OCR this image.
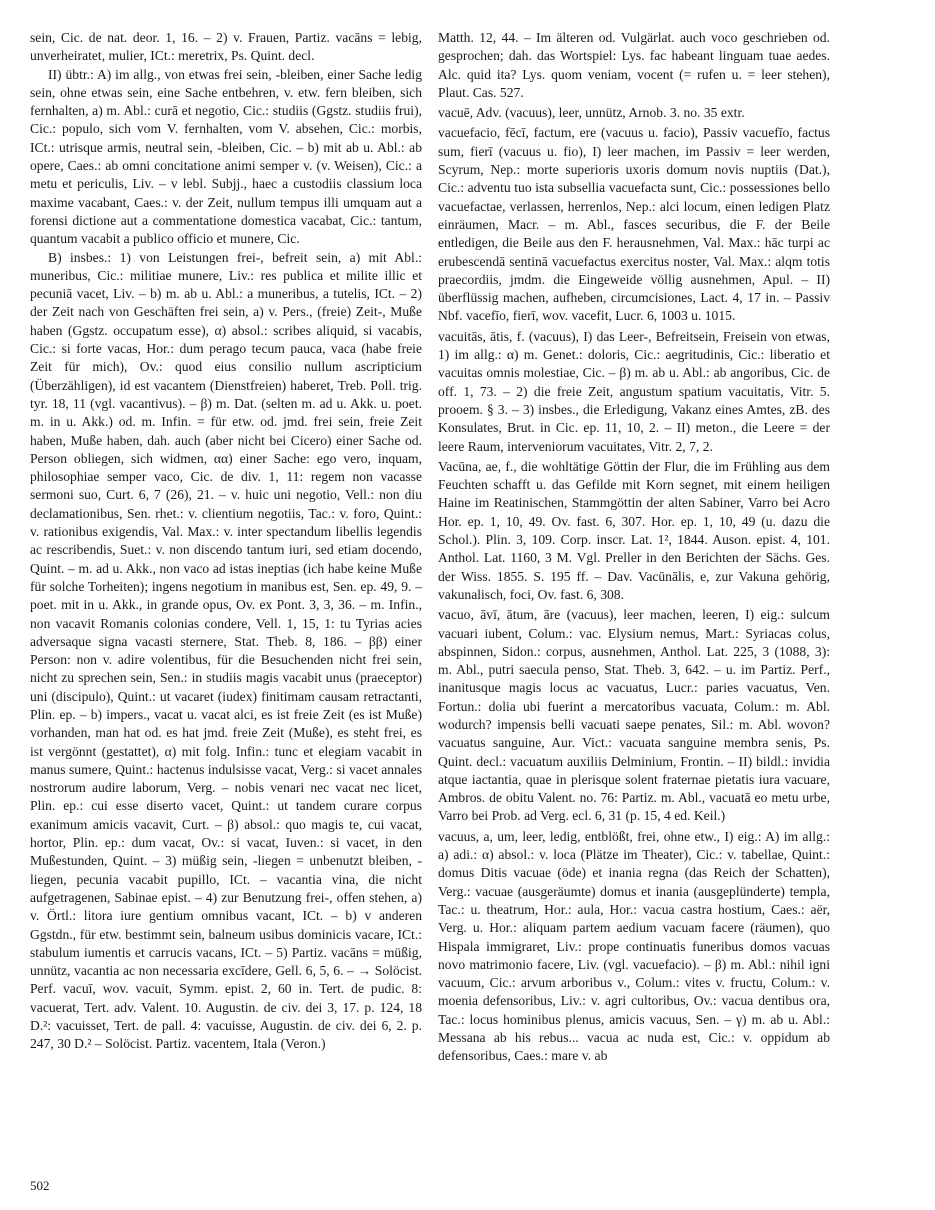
sein, Cic. de nat. deor. 1, 16. – 2) v. Frauen, Partiz. vacāns = lebig, unverheiratet, mulier, ICt.: meretrix, Ps. Quint. decl.

II) übtr.: A) im allg., von etwas frei sein, -bleiben, einer Sache ledig sein, ohne etwas sein, eine Sache entbehren, v. etw. fern bleiben, sich fernhalten, a) m. Abl.: curā et negotio, Cic.: studiis (Ggstz. studiis frui), Cic.: populo, sich vom V. fernhalten, vom V. absehen, Cic.: morbis, ICt.: utrisque armis, neutral sein, -bleiben, Cic. – b) mit ab u. Abl.: ab opere, Caes.: ab omni concitatione animi semper v. (v. Weisen), Cic.: a metu et periculis, Liv. – v lebl. Subjj., haec a custodiis classium loca maxime vacabant, Caes.: v. der Zeit, nullum tempus illi umquam aut a forensi dictione aut a commentatione domestica vacabat, Cic.: tantum, quantum vacabit a publico officio et munere, Cic.

B) insbes.: 1) von Leistungen frei-, befreit sein, a) mit Abl.: muneribus, Cic.: militiae munere, Liv.: res publica et milite illic et pecuniā vacet, Liv. – b) m. ab u. Abl.: a muneribus, a tutelis, ICt. – 2) der Zeit nach von Geschäften frei sein, a) v. Pers., (freie) Zeit-, Muße haben (Ggstz. occupatum esse), α) absol.: scribes aliquid, si vacabis, Cic.: si forte vacas, Hor.: dum perago tecum pauca, vaca (habe freie Zeit für mich), Ov.: quod eius consilio nullum ascripticium (Überzähligen), id est vacantem (Dienstfreien) haberet, Treb. Poll. trig. tyr. 18, 11 (vgl. vacantivus). – β) m. Dat. (selten m. ad u. Akk. u. poet. m. in u. Akk.) od. m. Infin. = für etw. od. jmd. frei sein, freie Zeit haben, Muße haben, dah. auch (aber nicht bei Cicero) einer Sache od. Person obliegen, sich widmen, αα) einer Sache: ego vero, inquam, philosophiae semper vaco, Cic. de div. 1, 11: regem non vacasse sermoni suo, Curt. 6, 7 (26), 21. – v. huic uni negotio, Vell.: non diu declamationibus, Sen. rhet.: v. clientium negotiis, Tac.: v. foro, Quint.: v. rationibus exigendis, Val. Max.: v. inter spectandum libellis legendis ac rescribendis, Suet.: v. non discendo tantum iuri, sed etiam docendo, Quint. – m. ad u. Akk., non vaco ad istas ineptias (ich habe keine Muße für solche Torheiten); ingens negotium in manibus est, Sen. ep. 49, 9. – poet. mit in u. Akk., in grande opus, Ov. ex Pont. 3, 3, 36. – m. Infin., non vacavit Romanis colonias condere, Vell. 1, 15, 1: tu Tyrias acies adversaque signa vacasti sternere, Stat. Theb. 8, 186. – ββ) einer Person: non v. adire volentibus, für die Besuchenden nicht frei sein, nicht zu sprechen sein, Sen.: in studiis magis vacabit unus (praeceptor) uni (discipulo), Quint.: ut vacaret (iudex) finitimam causam retractanti, Plin. ep. – b) impers., vacat u. vacat alci, es ist freie Zeit (es ist Muße) vorhanden, man hat od. es hat jmd. freie Zeit (Muße), es steht frei, es ist vergönnt (gestattet), α) mit folg. Infin.: tunc et elegiam vacabit in manus sumere, Quint.: hactenus indulsisse vacat, Verg.: si vacet annales nostrorum audire laborum, Verg. – nobis venari nec vacat nec licet, Plin. ep.: cui esse diserto vacet, Quint.: ut tandem curare corpus exanimum amicis vacavit, Curt. – β) absol.: quo magis te, cui vacat, hortor, Plin. ep.: dum vacat, Ov.: si vacat, Iuven.: si vacet, in den Mußestunden, Quint. – 3) müßig sein, -liegen = unbenutzt bleiben, -liegen, pecunia vacabit pupillo, ICt. – vacantia vina, die nicht aufgetragenen, Sabinae epist. – 4) zur Benutzung frei-, offen stehen, a) v. Örtl.: litora iure gentium omnibus vacant, ICt. – b) v anderen Ggstdn., für etw. bestimmt sein, balneum usibus dominicis vacare, ICt.: stabulum iumentis et carrucis vacans, ICt. – 5) Partiz. vacāns = müßig, unnütz, vacantia ac non necessaria excīdere, Gell. 6, 5, 6. – → Solöcist. Perf. vacuī, wov. vacuit, Symm. epist. 2, 60 in. Tert. de pudic. 8: vacuerat, Tert. adv. Valent. 10. Augustin. de civ. dei 3, 17. p. 124, 18 D.²: vacuisset, Tert. de pall. 4: vacuisse, Augustin. de civ. dei 6, 2. p. 247, 30 D.² – Solöcist. Partiz. vacentem, Itala (Veron.)

Matth. 12, 44. – Im älteren od. Vulgärlat. auch voco geschrieben od. gesprochen; dah. das Wortspiel: Lys. fac habeant linguam tuae aedes. Alc. quid ita? Lys. quom veniam, vocent (= rufen u. = leer stehen), Plaut. Cas. 527.

vacuē, Adv. (vacuus), leer, unnütz, Arnob. 3. no. 35 extr.

vacuefacio, fēcī, factum, ere (vacuus u. facio), Passiv vacuefīo, factus sum, fierī (vacuus u. fio), I) leer machen, im Passiv = leer werden, Scyrum, Nep.: morte superioris uxoris domum novis nuptiis (Dat.), Cic.: adventu tuo ista subsellia vacuefacta sunt, Cic.: possessiones bello vacuefactae, verlassen, herrenlos, Nep.: alci locum, einen ledigen Platz einräumen, Macr. – m. Abl., fasces securibus, die F. der Beile entledigen, die Beile aus den F. herausnehmen, Val. Max.: hāc turpi ac erubescendā sentinā vacuefactus exercitus noster, Val. Max.: alqm totis praecordiis, jmdm. die Eingeweide völlig ausnehmen, Apul. – II) überflüssig machen, aufheben, circumcisiones, Lact. 4, 17 in. – Passiv Nbf. vacefīo, fierī, wov. vacefit, Lucr. 6, 1003 u. 1015.

vacuitās, ātis, f. (vacuus), I) das Leer-, Befreitsein, Freisein von etwas, 1) im allg.: α) m. Genet.: doloris, Cic.: aegritudinis, Cic.: liberatio et vacuitas omnis molestiae, Cic. – β) m. ab u. Abl.: ab angoribus, Cic. de off. 1, 73. – 2) die freie Zeit, angustum spatium vacuitatis, Vitr. 5. prooem. § 3. – 3) insbes., die Erledigung, Vakanz eines Amtes, zB. des Konsulates, Brut. in Cic. ep. 11, 10, 2. – II) meton., die Leere = der leere Raum, interveniorum vacuitates, Vitr. 2, 7, 2.

Vacūna, ae, f., die wohltätige Göttin der Flur, die im Frühling aus dem Feuchten schafft u. das Gefilde mit Korn segnet, mit einem heiligen Haine im Reatinischen, Stammgöttin der alten Sabiner, Varro bei Acro Hor. ep. 1, 10, 49. Ov. fast. 6, 307. Hor. ep. 1, 10, 49 (u. dazu die Schol.). Plin. 3, 109. Corp. inscr. Lat. 1², 1844. Auson. epist. 4, 101. Anthol. Lat. 1160, 3 M. Vgl. Preller in den Berichten der Sächs. Ges. der Wiss. 1855. S. 195 ff. – Dav. Vacūnālis, e, zur Vakuna gehörig, vakunalisch, foci, Ov. fast. 6, 308.

vacuo, āvī, ātum, āre (vacuus), leer machen, leeren, I) eig.: sulcum vacuari iubent, Colum.: vac. Elysium nemus, Mart.: Syriacas colus, abspinnen, Sidon.: corpus, ausnehmen, Anthol. Lat. 225, 3 (1088, 3): m. Abl., putri saecula penso, Stat. Theb. 3, 642. – u. im Partiz. Perf., inanitusque magis locus ac vacuatus, Lucr.: paries vacuatus, Ven. Fortun.: dolia ubi fuerint a mercatoribus vacuata, Colum.: m. Abl. wodurch? impensis belli vacuati saepe penates, Sil.: m. Abl. wovon? vacuatus sanguine, Aur. Vict.: vacuata sanguine membra senis, Ps. Quint. decl.: vacuatum auxiliis Delminium, Frontin. – II) bildl.: invidia atque iactantia, quae in plerisque solent fraternae pietatis iura vacuare, Ambros. de obitu Valent. no. 76: Partiz. m. Abl., vacuatā eo metu urbe, Varro bei Prob. ad Verg. ecl. 6, 31 (p. 15, 4 ed. Keil.)

vacuus, a, um, leer, ledig, entblößt, frei, ohne etw., I) eig.: A) im allg.: a) adi.: α) absol.: v. loca (Plätze im Theater), Cic.: v. tabellae, Quint.: domus Ditis vacuae (öde) et inania regna (das Reich der Schatten), Verg.: vacuae (ausgeräumte) domus et inania (ausgeplünderte) templa, Tac.: u. theatrum, Hor.: aula, Hor.: vacua castra hostium, Caes.: aër, Verg. u. Hor.: aliquam partem aedium vacuam facere (räumen), quo Hispala immigraret, Liv.: prope continuatis funeribus domos vacuas novo matrimonio facere, Liv. (vgl. vacuefacio). – β) m. Abl.: nihil igni vacuum, Cic.: arvum arboribus v., Colum.: vites v. fructu, Colum.: v. moenia defensoribus, Liv.: v. agri cultoribus, Ov.: vacua dentibus ora, Tac.: locus hominibus plenus, amicis vacuus, Sen. – γ) m. ab u. Abl.: Messana ab his rebus... vacua ac nuda est, Cic.: v. oppidum ab defensoribus, Caes.: mare v. ab

502
